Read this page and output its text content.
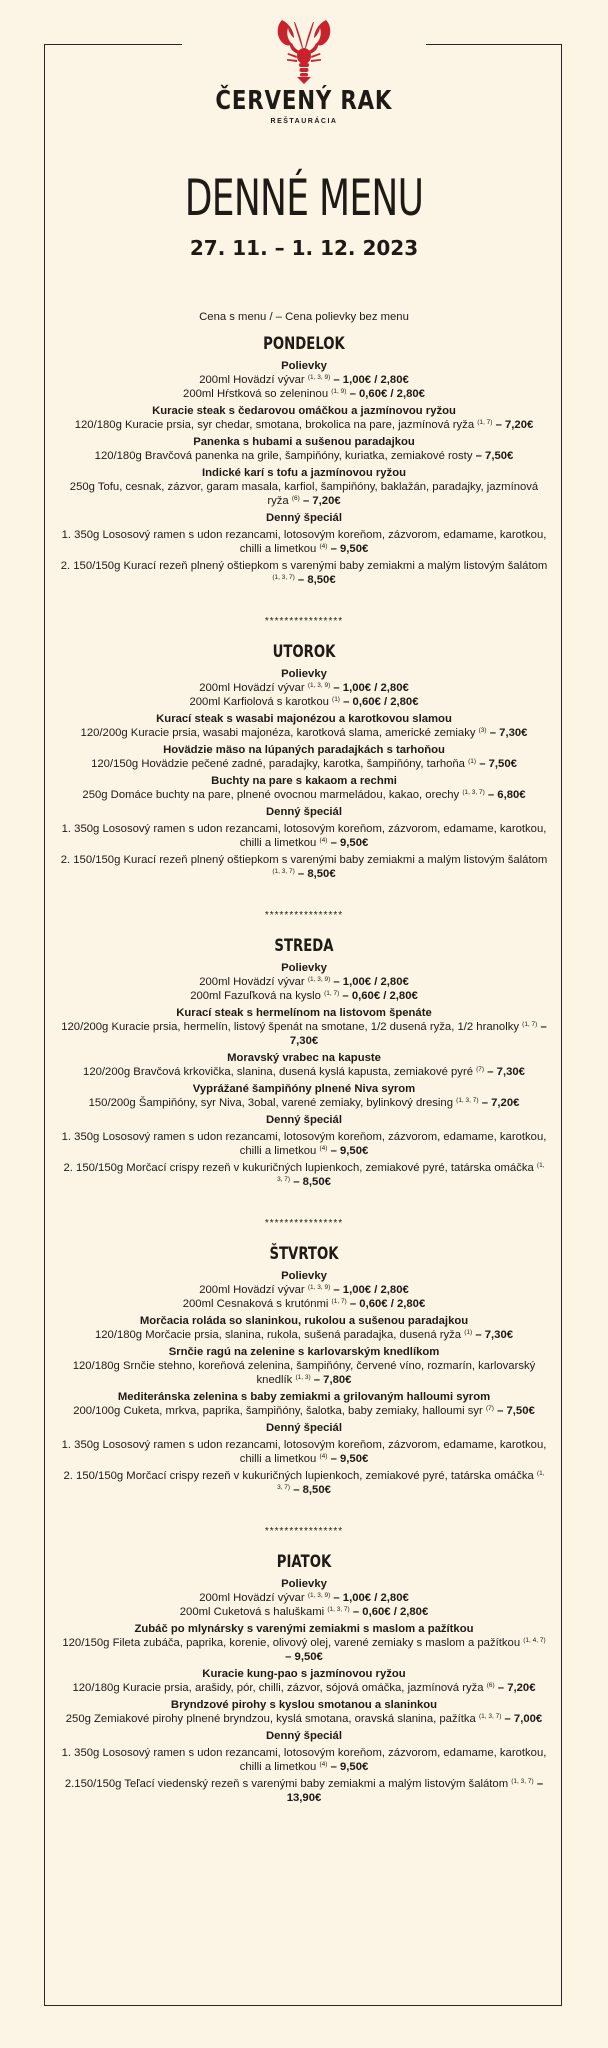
ČERVENÝ RAK
REŠTAURÁCIA
DENNÉ MENU
27. 11. – 1. 12. 2023
Cena s menu / – Cena polievky bez menu
PONDELOK
Polievky
200ml Hovädzí vývar $^{(1, 3, 9)}$ – 1,00€ / 2,80€
200ml Hŕstková so zeleninou $^{(1, 9)}$ – 0,60€ / 2,80€
Kuracie steak s čedarovou omáčkou a jazmínovou ryžou
120/180g Kuracie prsia, syr chedar, smotana, brokolica na pare, jazmínová ryža $^{(1, 7)}$ – 7,20€
Panenka s hubami a sušenou paradajkou
120/180g Bravčová panenka na grile, šampiňóny, kuriatka, zemiakové rosty – 7,50€
Indické karí s tofu a jazmínovou ryžou
250g Tofu, cesnak, zázvor, garam masala, karfiol, šampiňóny, baklažán, paradajky, jazmínová ryža $^{(6)}$ – 7,20€
Denný špeciál
1. 350g Lososový ramen s udon rezancami, lotosovým koreňom, zázvorom, edamame, karotkou, chilli a limetkou $^{(4)}$ – 9,50€
2. 150/150g Kurací rezeň plnený oštiepkom s varenými baby zemiakmi a malým listovým šalátom $^{(1, 3, 7)}$ – 8,50€
****************
UTOROK
Polievky
200ml Hovädzí vývar $^{(1, 3, 9)}$ – 1,00€ / 2,80€
200ml Karfiolová s karotkou $^{(1)}$ – 0,60€ / 2,80€
Kurací steak s wasabi majonézou a karotkovou slamou
120/200g Kuracie prsia, wasabi majonéza, karotková slama, americké zemiaky $^{(3)}$ – 7,30€
Hovädzie mäso na lúpaných paradajkách s tarhoňou
120/150g Hovädzie pečené zadné, paradajky, karotka, šampiňóny, tarhoňa $^{(1)}$ – 7,50€
Buchty na pare s kakaom a rechmi
250g Domáce buchty na pare, plnené ovocnou marmeládou, kakao, orechy $^{(1, 3, 7)}$ – 6,80€
Denný špeciál
1. 350g Lososový ramen s udon rezancami, lotosovým koreňom, zázvorom, edamame, karotkou, chilli a limetkou $^{(4)}$ – 9,50€
2. 150/150g Kurací rezeň plnený oštiepkom s varenými baby zemiakmi a malým listovým šalátom $^{(1, 3, 7)}$ – 8,50€
****************
STREDA
Polievky
200ml Hovädzí vývar $^{(1, 3, 9)}$ – 1,00€ / 2,80€
200ml Fazuľková na kyslo $^{(1, 7)}$ – 0,60€ / 2,80€
Kurací steak s hermelínom na listovom špenáte
120/200g Kuracie prsia, hermelín, listový špenát na smotane, 1/2 dusená ryža, 1/2 hranolky $^{(1, 7)}$ – 7,30€
Moravský vrabec na kapuste
120/200g Bravčová krkovička, slanina, dusená kyslá kapusta, zemiakové pyré $^{(7)}$ – 7,30€
Vyprážané šampiňóny plnené Niva syrom
150/200g Šampiňóny, syr Niva, 3obal, varené zemiaky, bylinkový dresing $^{(1, 3, 7)}$ – 7,20€
Denný špeciál
1. 350g Lososový ramen s udon rezancami, lotosovým koreňom, zázvorom, edamame, karotkou, chilli a limetkou $^{(4)}$ – 9,50€
2. 150/150g Morčací crispy rezeň v kukuričných lupienkoch, zemiakové pyré, tatárska omáčka $^{(1, 3, 7)}$ – 8,50€
****************
ŠTVRTOK
Polievky
200ml Hovädzí vývar $^{(1, 3, 9)}$ – 1,00€ / 2,80€
200ml Cesnaková s krutónmi $^{(1, 7)}$ – 0,60€ / 2,80€
Morčacia roláda so slaninkou, rukolou a sušenou paradajkou
120/180g Morčacie prsia, slanina, rukola, sušená paradajka, dusená ryža $^{(1)}$ – 7,30€
Srnčie ragú na zelenine s karlovarským knedlíkom
120/180g Srnčie stehno, koreňová zelenina, šampiňóny, červené víno, rozmarín, karlovarský knedlík $^{(1, 3)}$ – 7,80€
Mediteránska zelenina s baby zemiakmi a grilovaným halloumi syrom
200/100g Cuketa, mrkva, paprika, šampiňóny, šalotka, baby zemiaky, halloumi syr $^{(7)}$ – 7,50€
Denný špeciál
1. 350g Lososový ramen s udon rezancami, lotosovým koreňom, zázvorom, edamame, karotkou, chilli a limetkou $^{(4)}$ – 9,50€
2. 150/150g Morčací crispy rezeň v kukuričných lupienkoch, zemiakové pyré, tatárska omáčka $^{(1, 3, 7)}$ – 8,50€
****************
PIATOK
Polievky
200ml Hovädzí vývar $^{(1, 3, 9)}$ – 1,00€ / 2,80€
200ml Cuketová s haluškami $^{(1, 3, 7)}$ – 0,60€ / 2,80€
Zubáč po mlynársky s varenými zemiakmi s maslom a pažítkou
120/150g Fileta zubáča, paprika, korenie, olivový olej, varené zemiaky s maslom a pažítkou $^{(1, 4, 7)}$ – 9,50€
Kuracie kung-pao s jazmínovou ryžou
120/180g Kuracie prsia, arašidy, pór, chilli, zázvor, sójová omáčka, jazmínová ryža $^{(6)}$ – 7,20€
Bryndzové pirohy s kyslou smotanou a slaninkou
250g Zemiakové pirohy plnené bryndzou, kyslá smotana, oravská slanina, pažítka $^{(1, 3, 7)}$ – 7,00€
Denný špeciál
1. 350g Lososový ramen s udon rezancami, lotosovým koreňom, zázvorom, edamame, karotkou, chilli a limetkou $^{(4)}$ – 9,50€
2.150/150g Teľací viedenský rezeň s varenými baby zemiakmi a malým listovým šalátom $^{(1, 3, 7)}$ – 13,90€
